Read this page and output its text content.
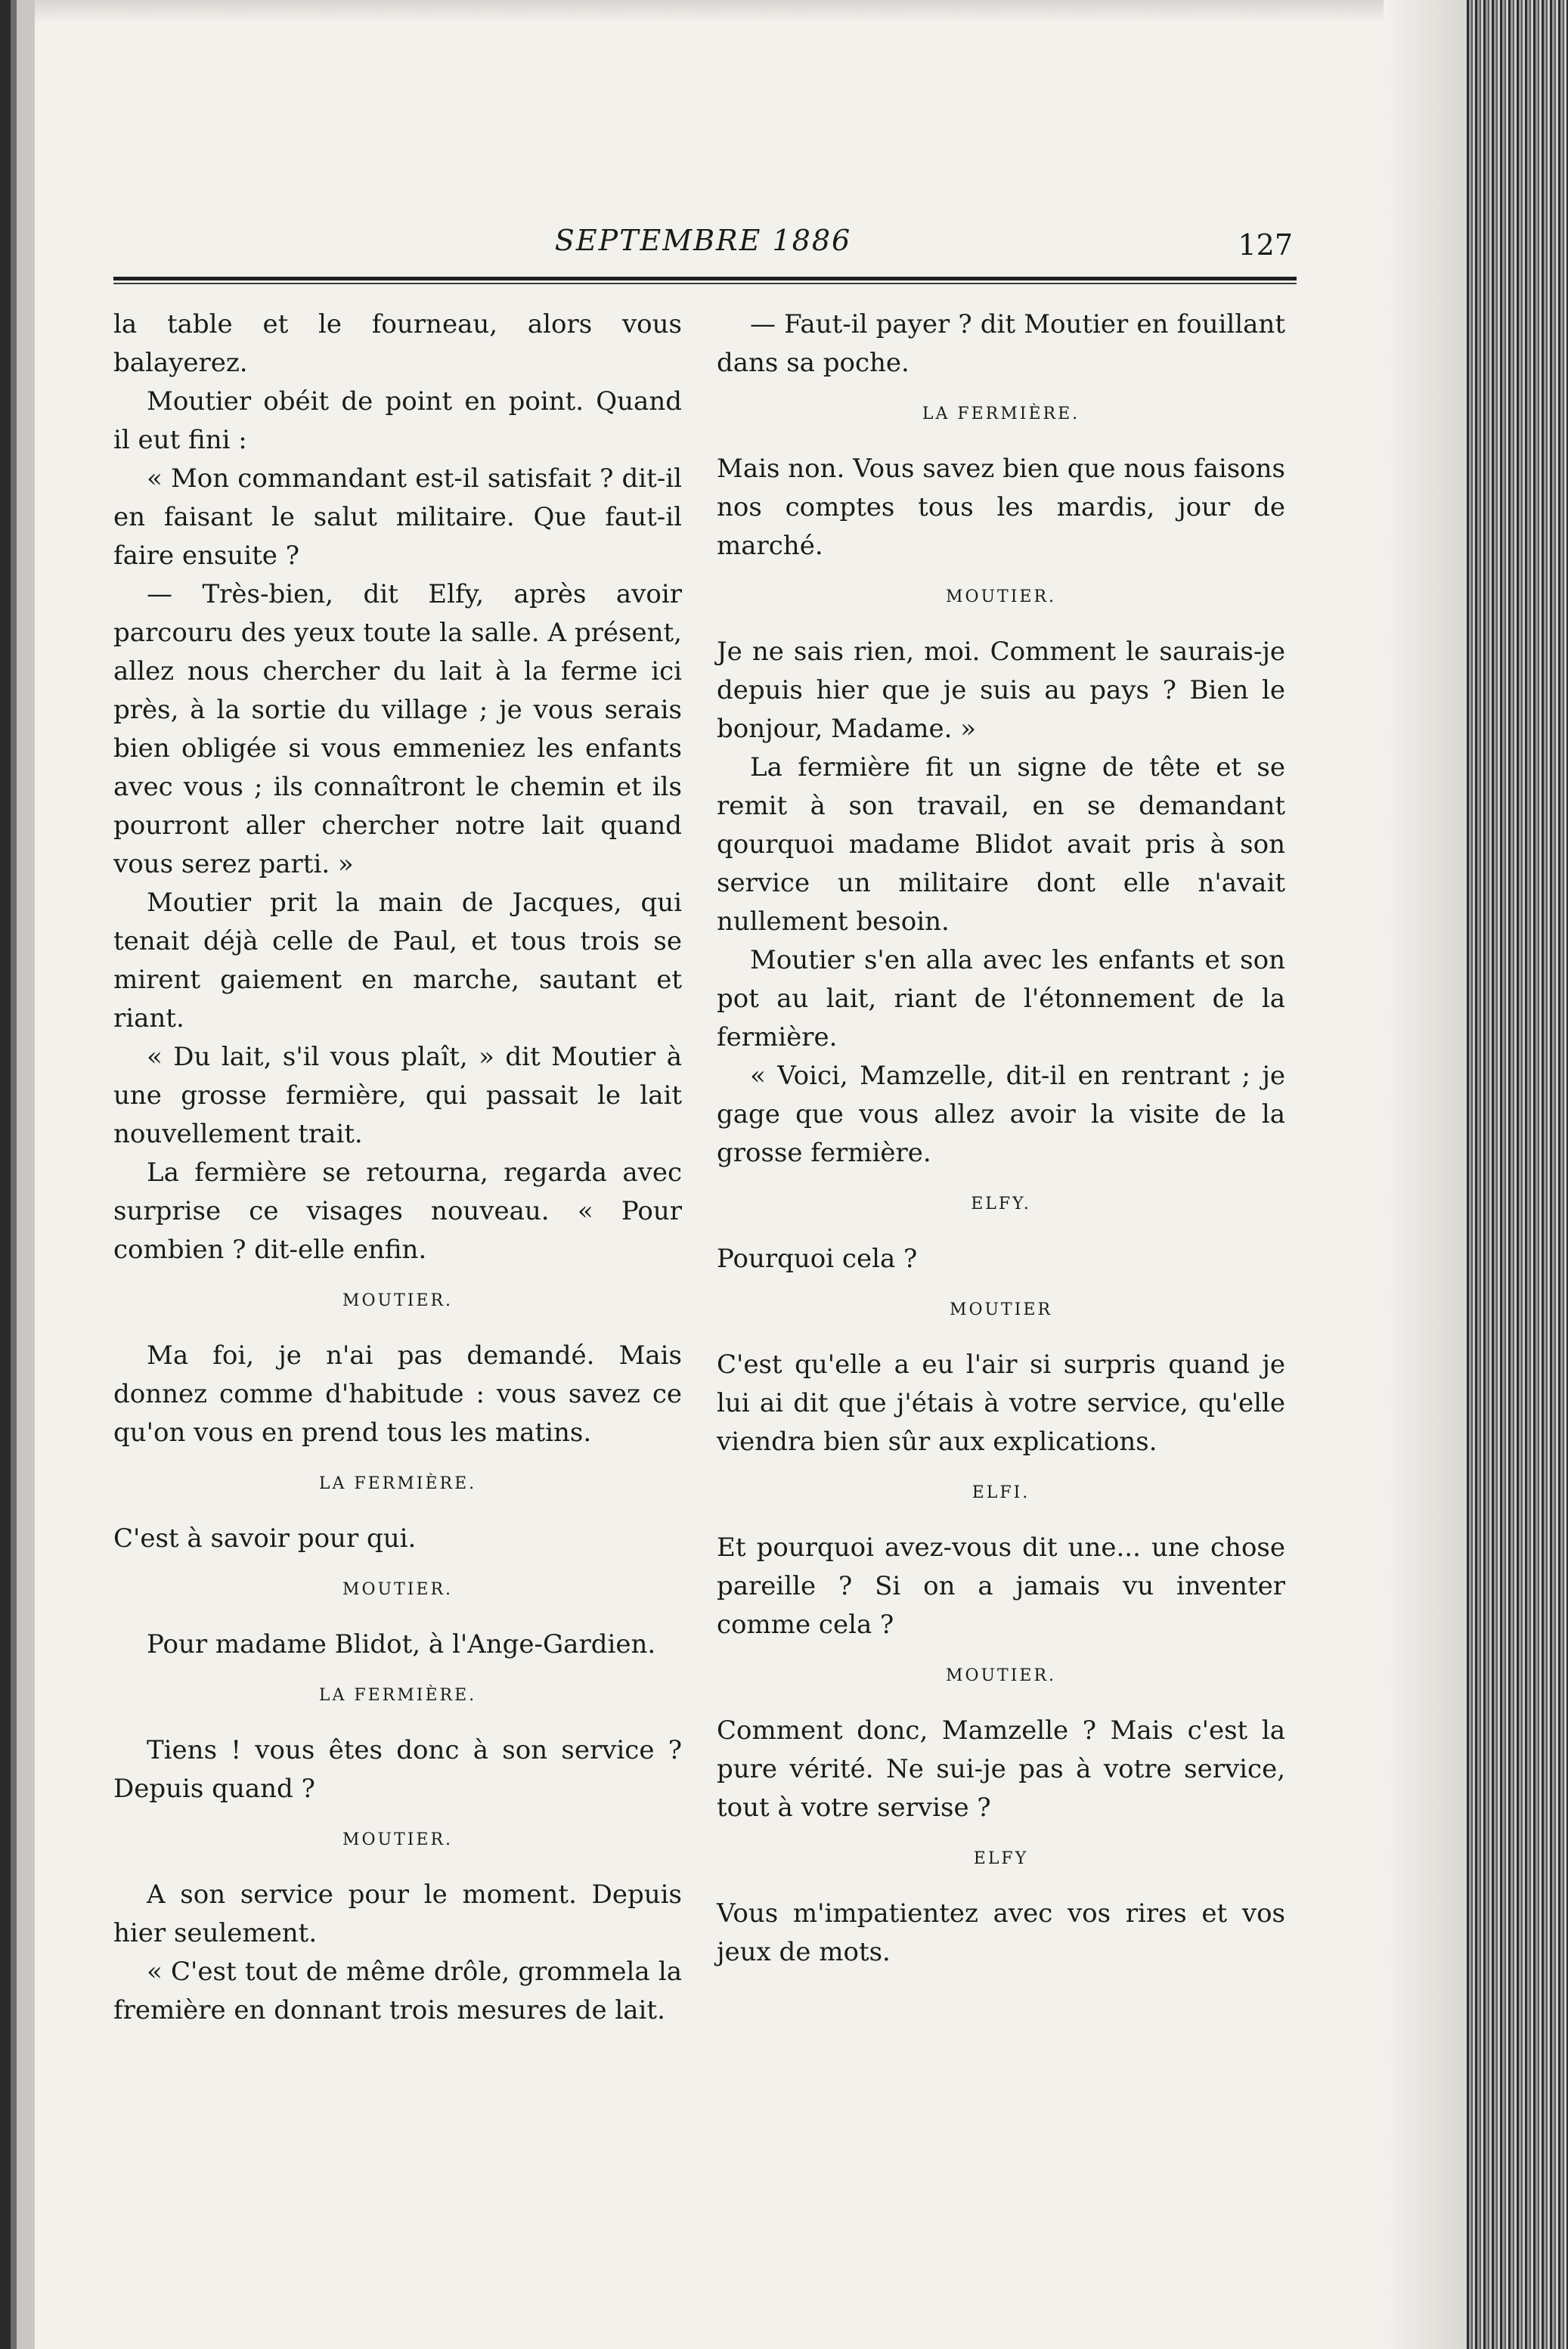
SEPTEMBRE 1886	127

la table et le fourneau, alors vous balayerez.

Moutier obéit de point en point. Quand il eut fini :

« Mon commandant est-il satisfait ? dit-il en faisant le salut militaire. Que faut-il faire ensuite ?

— Très-bien, dit Elfy, après avoir parcouru des yeux toute la salle. A présent, allez nous chercher du lait à la ferme ici près, à la sortie du village ; je vous serais bien obligée si vous emmeniez les enfants avec vous ; ils connaîtront le chemin et ils pourront aller chercher notre lait quand vous serez parti. »

Moutier prit la main de Jacques, qui tenait déjà celle de Paul, et tous trois se mirent gaiement en marche, sautant et riant.

« Du lait, s'il vous plaît, » dit Moutier à une grosse fermière, qui passait le lait nouvellement trait.

La fermière se retourna, regarda avec surprise ce visages nouveau. « Pour combien ? dit-elle enfin.

MOUTIER.

Ma foi, je n'ai pas demandé. Mais donnez comme d'habitude : vous savez ce qu'on vous en prend tous les matins.

LA FERMIÈRE.

C'est à savoir pour qui.

MOUTIER.

Pour madame Blidot, à l'Ange-Gardien.

LA FERMIÈRE.

Tiens ! vous êtes donc à son service ? Depuis quand ?

MOUTIER.

A son service pour le moment. Depuis hier seulement.

« C'est tout de même drôle, grommela la fremière en donnant trois mesures de lait.

— Faut-il payer ? dit Moutier en fouillant dans sa poche.

LA FERMIÈRE.

Mais non. Vous savez bien que nous faisons nos comptes tous les mardis, jour de marché.

MOUTIER.

Je ne sais rien, moi. Comment le saurais-je depuis hier que je suis au pays ? Bien le bonjour, Madame. »

La fermière fit un signe de tête et se remit à son travail, en se demandant qourquoi madame Blidot avait pris à son service un militaire dont elle n'avait nullement besoin.

Moutier s'en alla avec les enfants et son pot au lait, riant de l'étonnement de la fermière.

« Voici, Mamzelle, dit-il en rentrant ; je gage que vous allez avoir la visite de la grosse fermière.

ELFY.

Pourquoi cela ?

MOUTIER

C'est qu'elle a eu l'air si surpris quand je lui ai dit que j'étais à votre service, qu'elle viendra bien sûr aux explications.

ELFI.

Et pourquoi avez-vous dit une... une chose pareille ? Si on a jamais vu inventer comme cela ?

MOUTIER.

Comment donc, Mamzelle ? Mais c'est la pure vérité. Ne sui-je pas à votre service, tout à votre servise ?

ELFY

Vous m'impatientez avec vos rires et vos jeux de mots.
